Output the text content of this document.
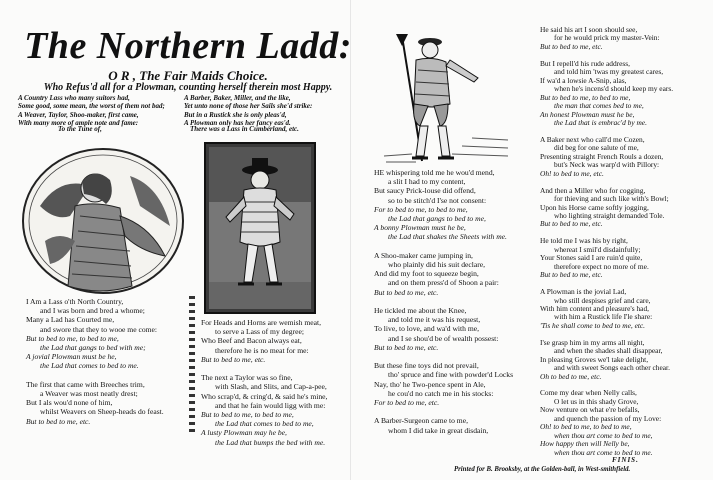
The Northern Ladd:
O R , The Fair Maids Choice.
Who Refus'd all for a Plowman, counting herself therein most Happy.
A Country Lass who many suitors had,
Some good, some mean, the worst of them not bad;
A Weaver, Taylor, Shoo-maker, first came,
With many more of ample note and fame:
A Barber, Baker, Miller, and the like,
Yet unto none of those her Sails she'd strike:
But in a Rustick she is only pleas'd,
A Plowman only has her fancy eas'd.
To the Tune of,	There was a Lass in Cumberland, etc.
I Am a Lass o'th North Country,
and I was born and bred a whome;
Many a Lad has Courted me,
and swore that they to wooe me come:
But to bed to me, to bed to me,
the Lad that gangs to bed with me;
A jovial Plowman must be he,
the Lad that comes to bed to me.

The first that came with Breeches trim,
a Weaver was most neatly drest;
But I als wou'd none of him,
whilst Weavers on Sheep-heads do feast.
But to bed to me, etc.
For Heads and Horns are wemish meat,
to serve a Lass of my degree;
Who Beef and Bacon always eat,
therefore he is no meat for me:
But to bed to me, etc.

The next a Taylor was so fine,
with Slash, and Slits, and Cap-a-pee,
Who scrap'd, & cring'd, & said he's mine,
and that he fain would ligg with me:
But to bed to me, to bed to me,
the Lad that comes to bed to me,
A lusty Plowman may he be,
the Lad that bumps the bed with me.
HE whispering told me he wou'd mend,
a slit I had to my content,
But saucy Prick-louse did offend,
so to be stitch'd I'se not consent:
For to bed to me, to bed to me,
the Lad that gangs to bed to me,
A bonny Plowman must he be,
the Lad that shakes the Sheets with me.

A Shoo-maker came jumping in,
who plainly did his suit declare,
And did my foot to squeeze begin,
and on them press'd of Shoon a pair:
But to bed to me, etc.

He tickled me about the Knee,
and told me it was his request,
To live, to love, and wa'd with me,
and I se shou'd be of wealth possest:
But to bed to me, etc.

But these fine toys did not prevail,
tho' spruce and fine with powder'd Locks
Nay, tho' he Two-pence spent in Ale,
he cou'd no catch me in his stocks:
For to bed to me, etc.

A Barber-Surgeon came to me,
whom I did take in great disdain,
He said his art I soon should see,
for he would prick my master-Vein:
But to bed to me, etc.

But I repell'd his rude address,
and told him 'twas my greatest cares,
If wa'd a lowsie A-Snip, alas,
when he's incens'd should keep my ears.
But to bed to me, to bed to me,
the man that comes bed to me,
An honest Plowman must he be,
the Lad that is embrac'd by me.

A Baker next who call'd me Cozen,
did beg for one salute of me,
Presenting straight French Rouls a dozen,
but's Neck was warp'd with Pillory:
Oh! to bed to me, etc.

And then a Miller who for cogging,
for thieving and such like with's Bowl;
Upon his Horse came softly jogging,
who lighting straight demanded Tole.
But to bed to me, etc.

He told me I was his by right,
whereat I smil'd disdainfully;
Your Stones said I are ruin'd quite,
therefore expect no more of me.
But to bed to me, etc.

A Plowman is the jovial Lad,
who still despises grief and care,
With him content and pleasure's had,
with him a Rustick life I'le share:
'Tis he shall come to bed to me, etc.

I'se grasp him in my arms all night,
and when the shades shall disappear,
In pleasing Groves we'l take delight,
and with sweet Songs each other chear.
Oh to bed to me, etc.

Come my dear when Nelly calls,
O let us in this shady Grove,
Now venture on what e're befalls,
and quench the passion of my Love:
Oh! to bed to me, to bed to me,
when thou art come to bed to me,
How happy then will Nelly be,
when thou art come to bed to me.
FINIS.
Printed for B. Brooksby, at the Golden-ball, in West-smithfield.
